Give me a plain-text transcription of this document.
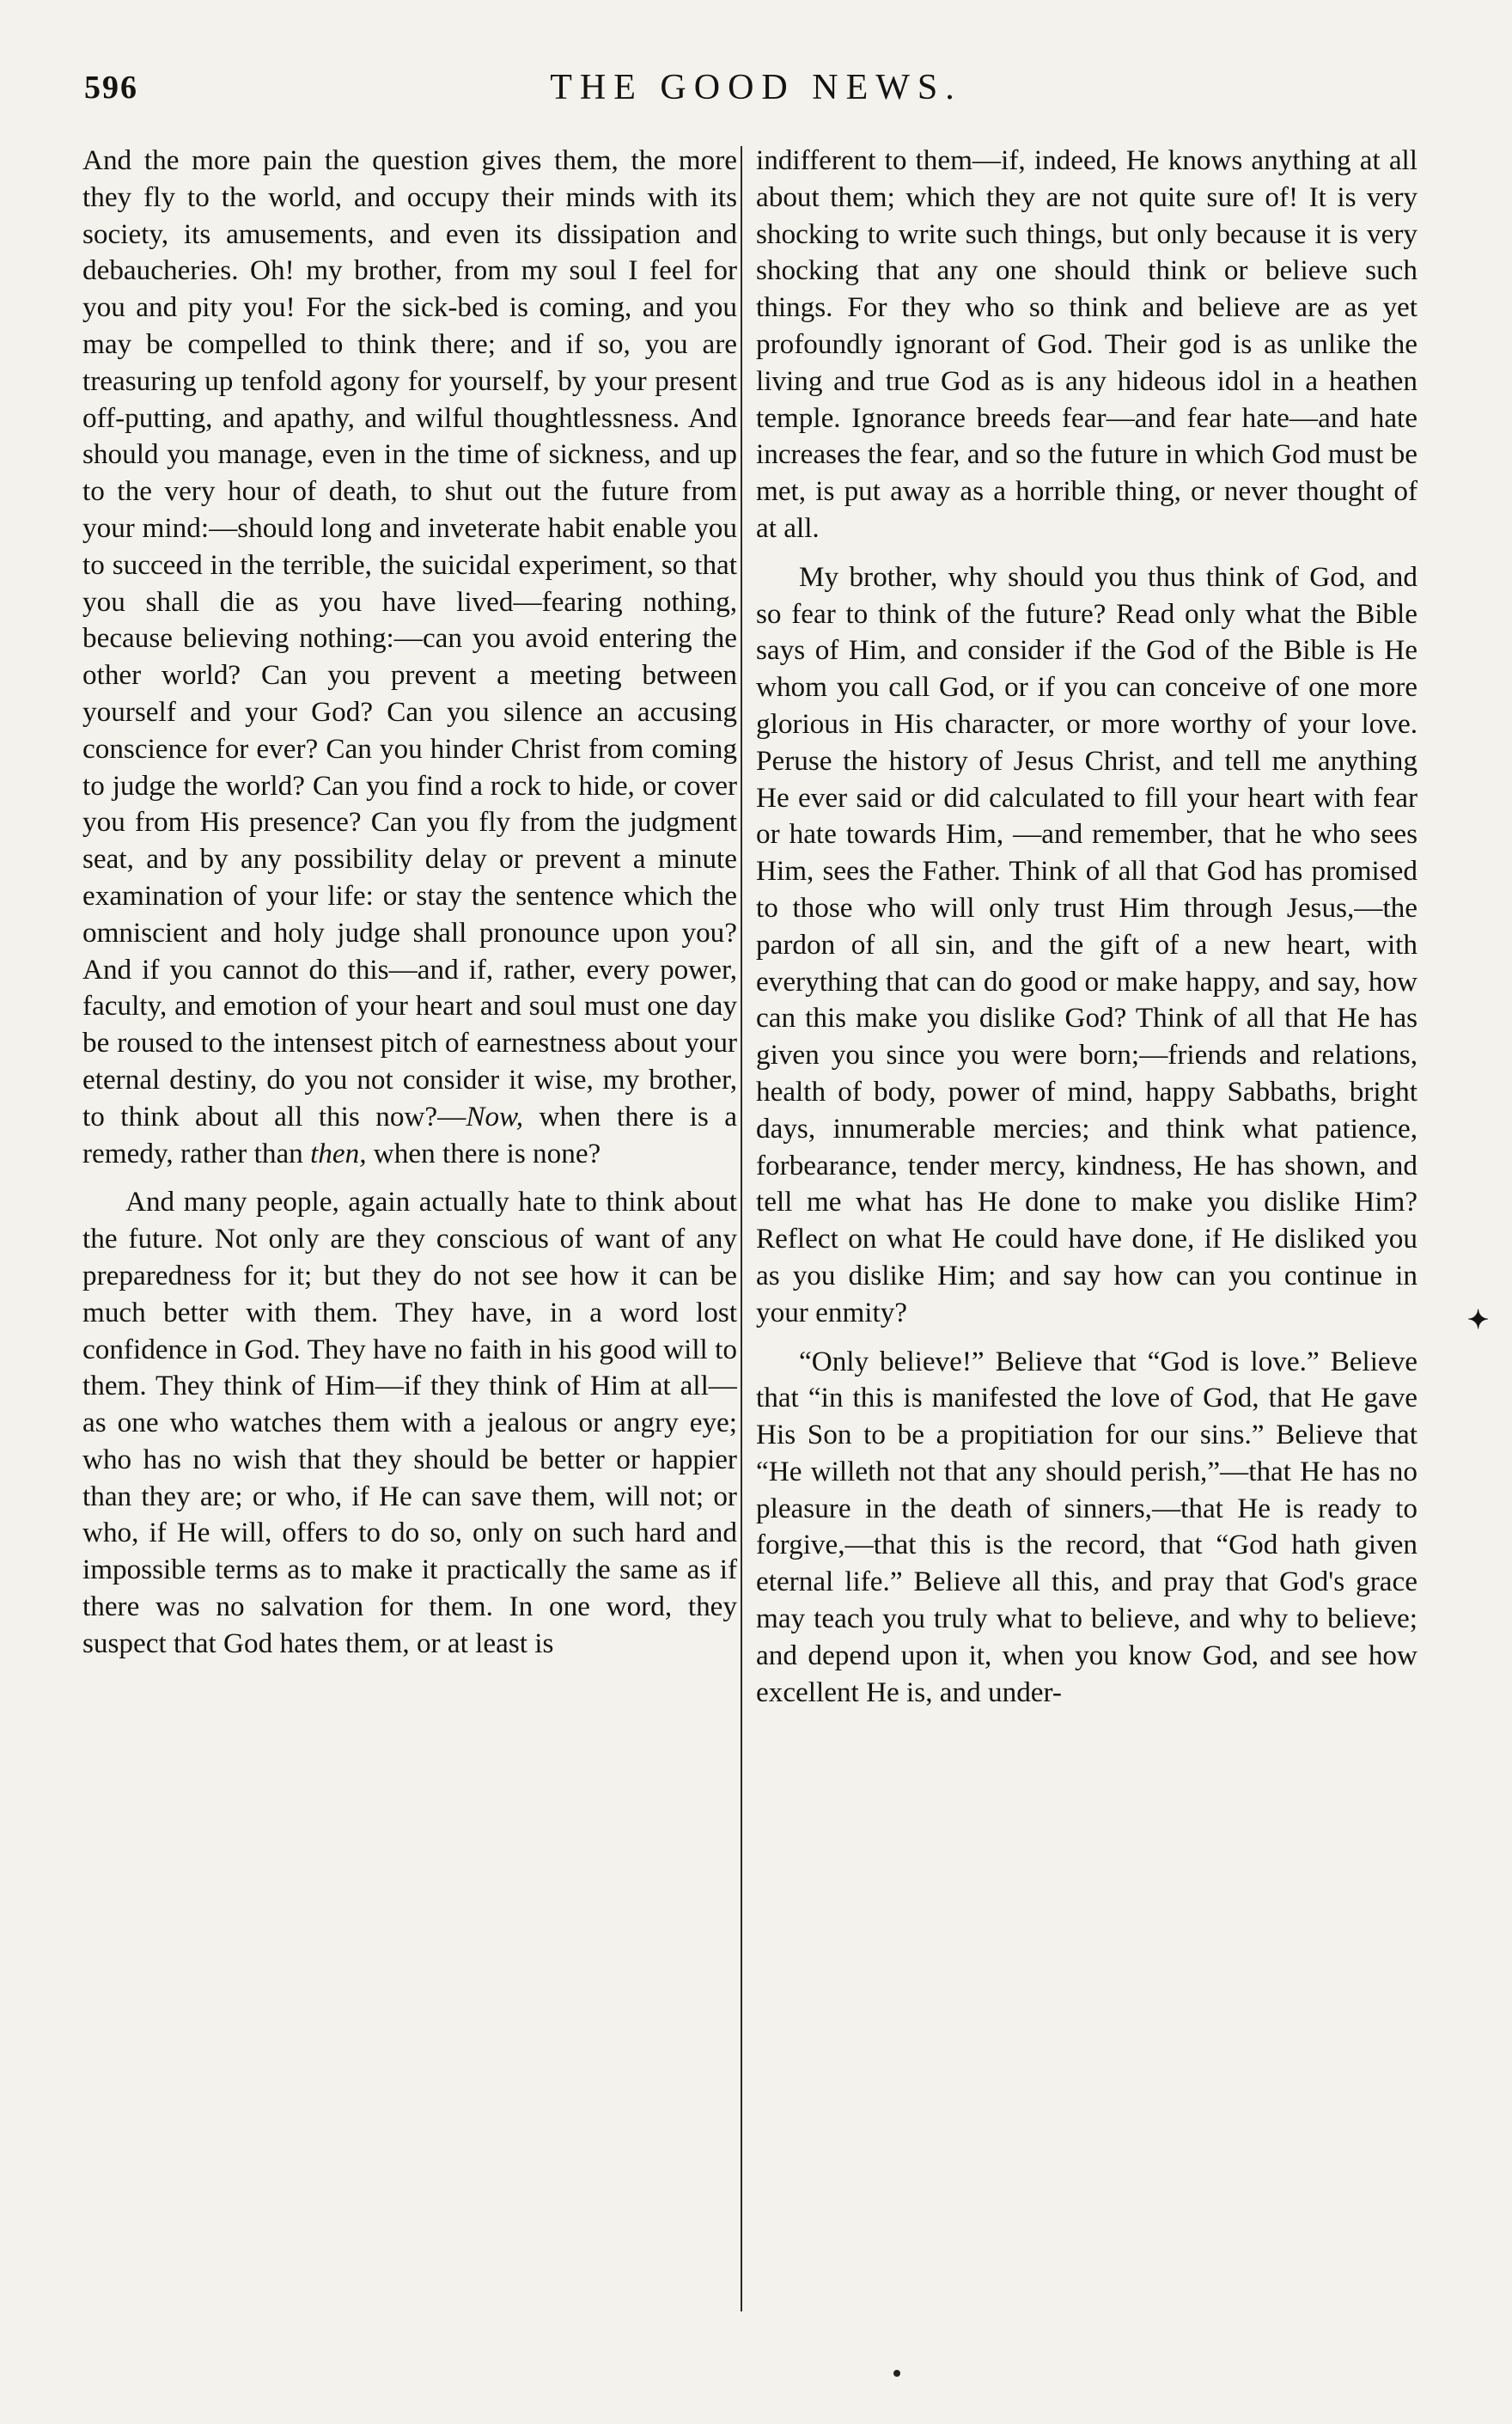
596	THE GOOD NEWS.

And the more pain the question gives them, the more they fly to the world, and occupy their minds with its society, its amusements, and even its dissipation and debaucheries. Oh! my brother, from my soul I feel for you and pity you! For the sick-bed is coming, and you may be compelled to think there; and if so, you are treasuring up tenfold agony for yourself, by your present off-putting, and apathy, and wilful thoughtlessness. And should you manage, even in the time of sickness, and up to the very hour of death, to shut out the future from your mind:—should long and inveterate habit enable you to succeed in the terrible, the suicidal experiment, so that you shall die as you have lived—fearing nothing, because believing nothing:—can you avoid entering the other world? Can you prevent a meeting between yourself and your God? Can you silence an accusing conscience for ever? Can you hinder Christ from coming to judge the world? Can you find a rock to hide, or cover you from His presence? Can you fly from the judgment seat, and by any possibility delay or prevent a minute examination of your life: or stay the sentence which the omniscient and holy judge shall pronounce upon you? And if you cannot do this—and if, rather, every power, faculty, and emotion of your heart and soul must one day be roused to the intensest pitch of earnestness about your eternal destiny, do you not consider it wise, my brother, to think about all this now?—Now, when there is a remedy, rather than then, when there is none?

And many people, again actually hate to think about the future. Not only are they conscious of want of any preparedness for it; but they do not see how it can be much better with them. They have, in a word lost confidence in God. They have no faith in his good will to them. They think of Him—if they think of Him at all—as one who watches them with a jealous or angry eye; who has no wish that they should be better or happier than they are; or who, if He can save them, will not; or who, if He will, offers to do so, only on such hard and impossible terms as to make it practically the same as if there was no salvation for them. In one word, they suspect that God hates them, or at least is

indifferent to them—if, indeed, He knows anything at all about them; which they are not quite sure of! It is very shocking to write such things, but only because it is very shocking that any one should think or believe such things. For they who so think and believe are as yet profoundly ignorant of God. Their god is as unlike the living and true God as is any hideous idol in a heathen temple. Ignorance breeds fear—and fear hate—and hate increases the fear, and so the future in which God must be met, is put away as a horrible thing, or never thought of at all.

My brother, why should you thus think of God, and so fear to think of the future? Read only what the Bible says of Him, and consider if the God of the Bible is He whom you call God, or if you can conceive of one more glorious in His character, or more worthy of your love. Peruse the history of Jesus Christ, and tell me anything He ever said or did calculated to fill your heart with fear or hate towards Him, —and remember, that he who sees Him, sees the Father. Think of all that God has promised to those who will only trust Him through Jesus,—the pardon of all sin, and the gift of a new heart, with everything that can do good or make happy, and say, how can this make you dislike God? Think of all that He has given you since you were born;—friends and relations, health of body, power of mind, happy Sabbaths, bright days, innumerable mercies; and think what patience, forbearance, tender mercy, kindness, He has shown, and tell me what has He done to make you dislike Him? Reflect on what He could have done, if He disliked you as you dislike Him; and say how can you continue in your enmity?

“Only believe!” Believe that “God is love.” Believe that “in this is manifested the love of God, that He gave His Son to be a propitiation for our sins.” Believe that “He willeth not that any should perish,”—that He has no pleasure in the death of sinners,—that He is ready to forgive,—that this is the record, that “God hath given eternal life.” Believe all this, and pray that God's grace may teach you truly what to believe, and why to believe; and depend upon it, when you know God, and see how excellent He is, and under-

✦
